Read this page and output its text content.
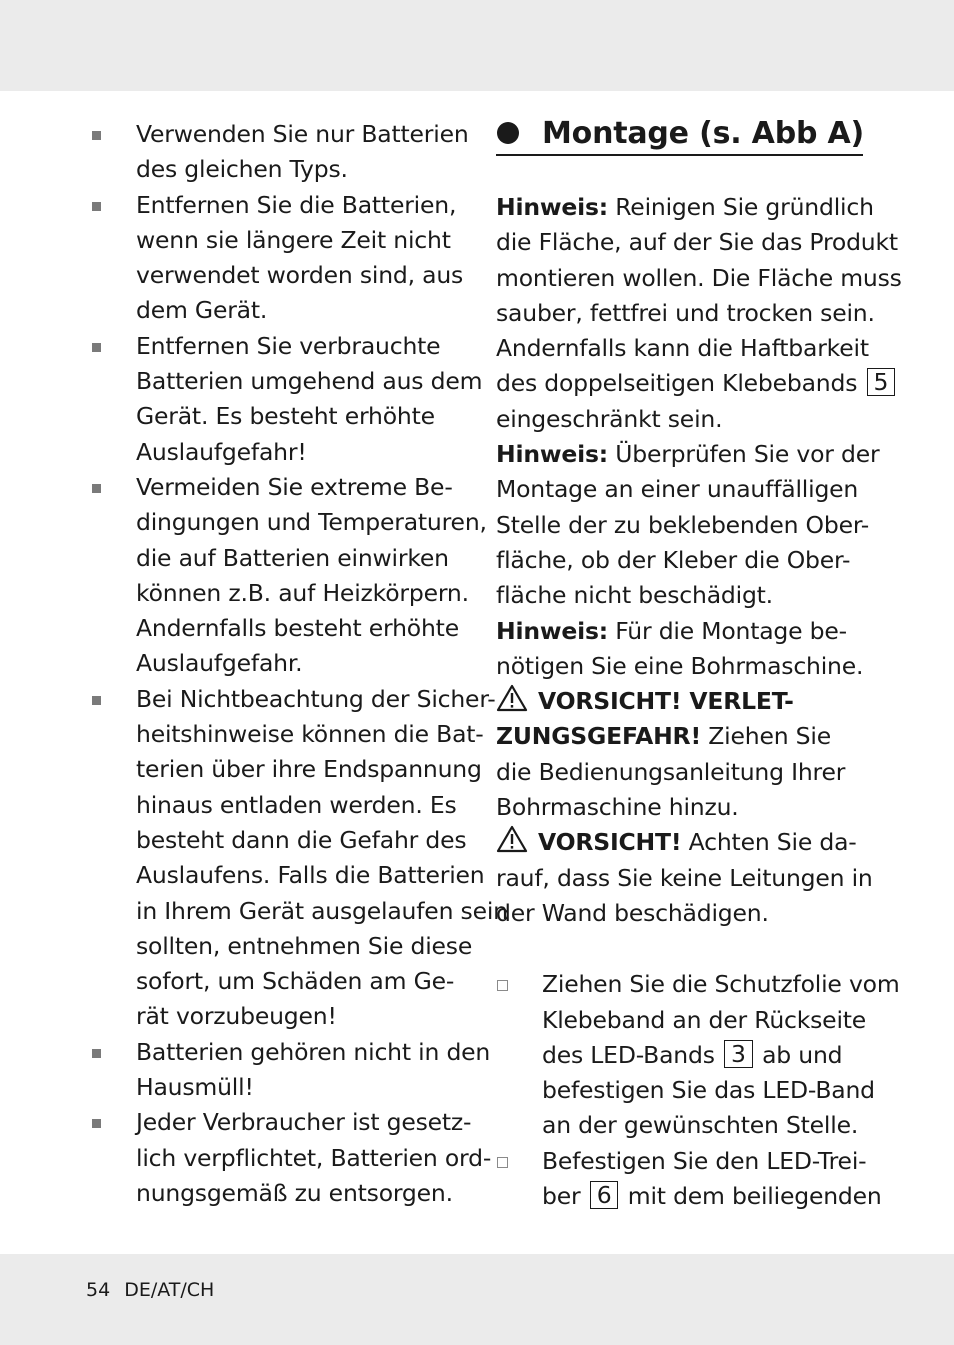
Verwenden Sie nur Batterien
des gleichen Typs.
Entfernen Sie die Batterien,
wenn sie längere Zeit nicht
verwendet worden sind, aus
dem Gerät.
Entfernen Sie verbrauchte
Batterien umgehend aus dem
Gerät. Es besteht erhöhte
Auslaufgefahr!
Vermeiden Sie extreme Be-
dingungen und Temperaturen,
die auf Batterien einwirken
können z.B. auf Heizkörpern.
Andernfalls besteht erhöhte
Auslaufgefahr.
Bei Nichtbeachtung der Sicher-
heitshinweise können die Bat-
terien über ihre Endspannung
hinaus entladen werden. Es
besteht dann die Gefahr des
Auslaufens. Falls die Batterien
in Ihrem Gerät ausgelaufen sein
sollten, entnehmen Sie diese
sofort, um Schäden am Ge-
rät vorzubeugen!
Batterien gehören nicht in den
Hausmüll!
Jeder Verbraucher ist gesetz-
lich verpflichtet, Batterien ord-
nungsgemäß zu entsorgen.
Montage (s. Abb A)
Hinweis: Reinigen Sie gründlich
die Fläche, auf der Sie das Produkt
montieren wollen. Die Fläche muss
sauber, fettfrei und trocken sein.
Andernfalls kann die Haftbarkeit
des doppelseitigen Klebebands 5
eingeschränkt sein.
Hinweis: Überprüfen Sie vor der
Montage an einer unauffälligen
Stelle der zu beklebenden Ober-
fläche, ob der Kleber die Ober-
fläche nicht beschädigt.
Hinweis: Für die Montage be-
nötigen Sie eine Bohrmaschine.
VORSICHT! VERLET-
ZUNGSGEFAHR! Ziehen Sie
die Bedienungsanleitung Ihrer
Bohrmaschine hinzu.
VORSICHT! Achten Sie da-
rauf, dass Sie keine Leitungen in
der Wand beschädigen.
Ziehen Sie die Schutzfolie vom
Klebeband an der Rückseite
des LED-Bands 3 ab und
befestigen Sie das LED-Band
an der gewünschten Stelle.
Befestigen Sie den LED-Trei-
ber 6 mit dem beiliegenden
54 DE/AT/CH
